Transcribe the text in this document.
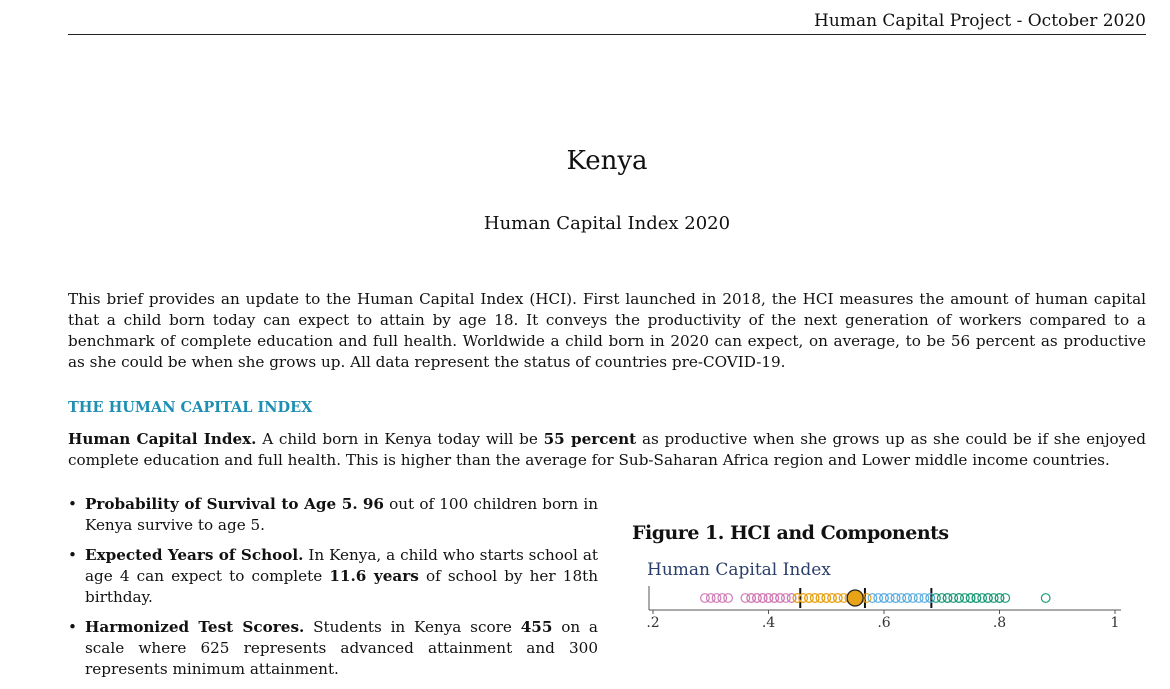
Human Capital Project - October 2020
Kenya
Human Capital Index 2020
This brief provides an update to the Human Capital Index (HCI). First launched in 2018, the HCI measures the amount of human capital that a child born today can expect to attain by age 18. It conveys the productivity of the next generation of workers compared to a benchmark of complete education and full health. Worldwide a child born in 2020 can expect, on average, to be 56 percent as productive as she could be when she grows up. All data represent the status of countries pre-COVID-19.
THE HUMAN CAPITAL INDEX
Human Capital Index. A child born in Kenya today will be 55 percent as productive when she grows up as she could be if she enjoyed complete education and full health. This is higher than the average for Sub-Saharan Africa region and Lower middle income countries.
• Probability of Survival to Age 5. 96 out of 100 children born in Kenya survive to age 5.
• Expected Years of School. In Kenya, a child who starts school at age 4 can expect to complete 11.6 years of school by her 18th birthday.
• Harmonized Test Scores. Students in Kenya score 455 on a scale where 625 represents advanced attainment and 300 represents minimum attainment.
Figure 1. HCI and Components
Human Capital Index
.2	.4	.6	.8	1
